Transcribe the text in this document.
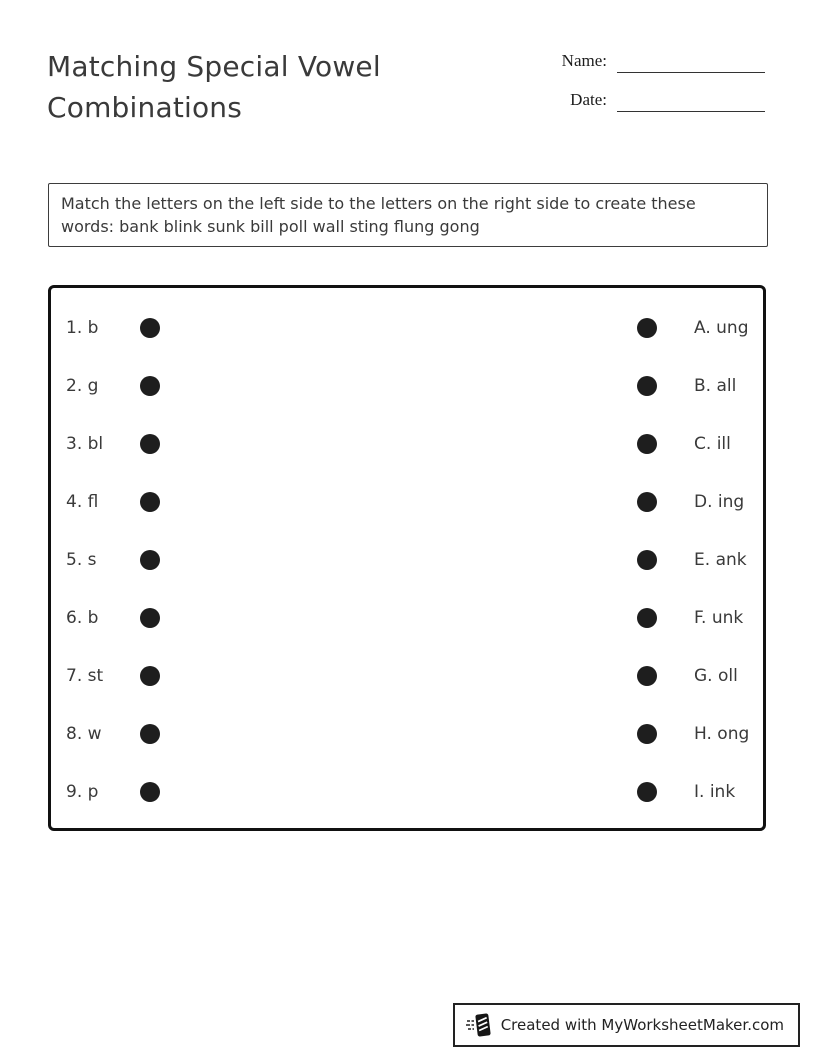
Matching Special Vowel Combinations
Name:
Date:

Match the letters on the left side to the letters on the right side to create these words: bank blink sunk bill poll wall sting flung gong

1. b	A. ung
2. g	B. all
3. bl	C. ill
4. fl	D. ing
5. s	E. ank
6. b	F. unk
7. st	G. oll
8. w	H. ong
9. p	I. ink
Created with MyWorksheetMaker.com
